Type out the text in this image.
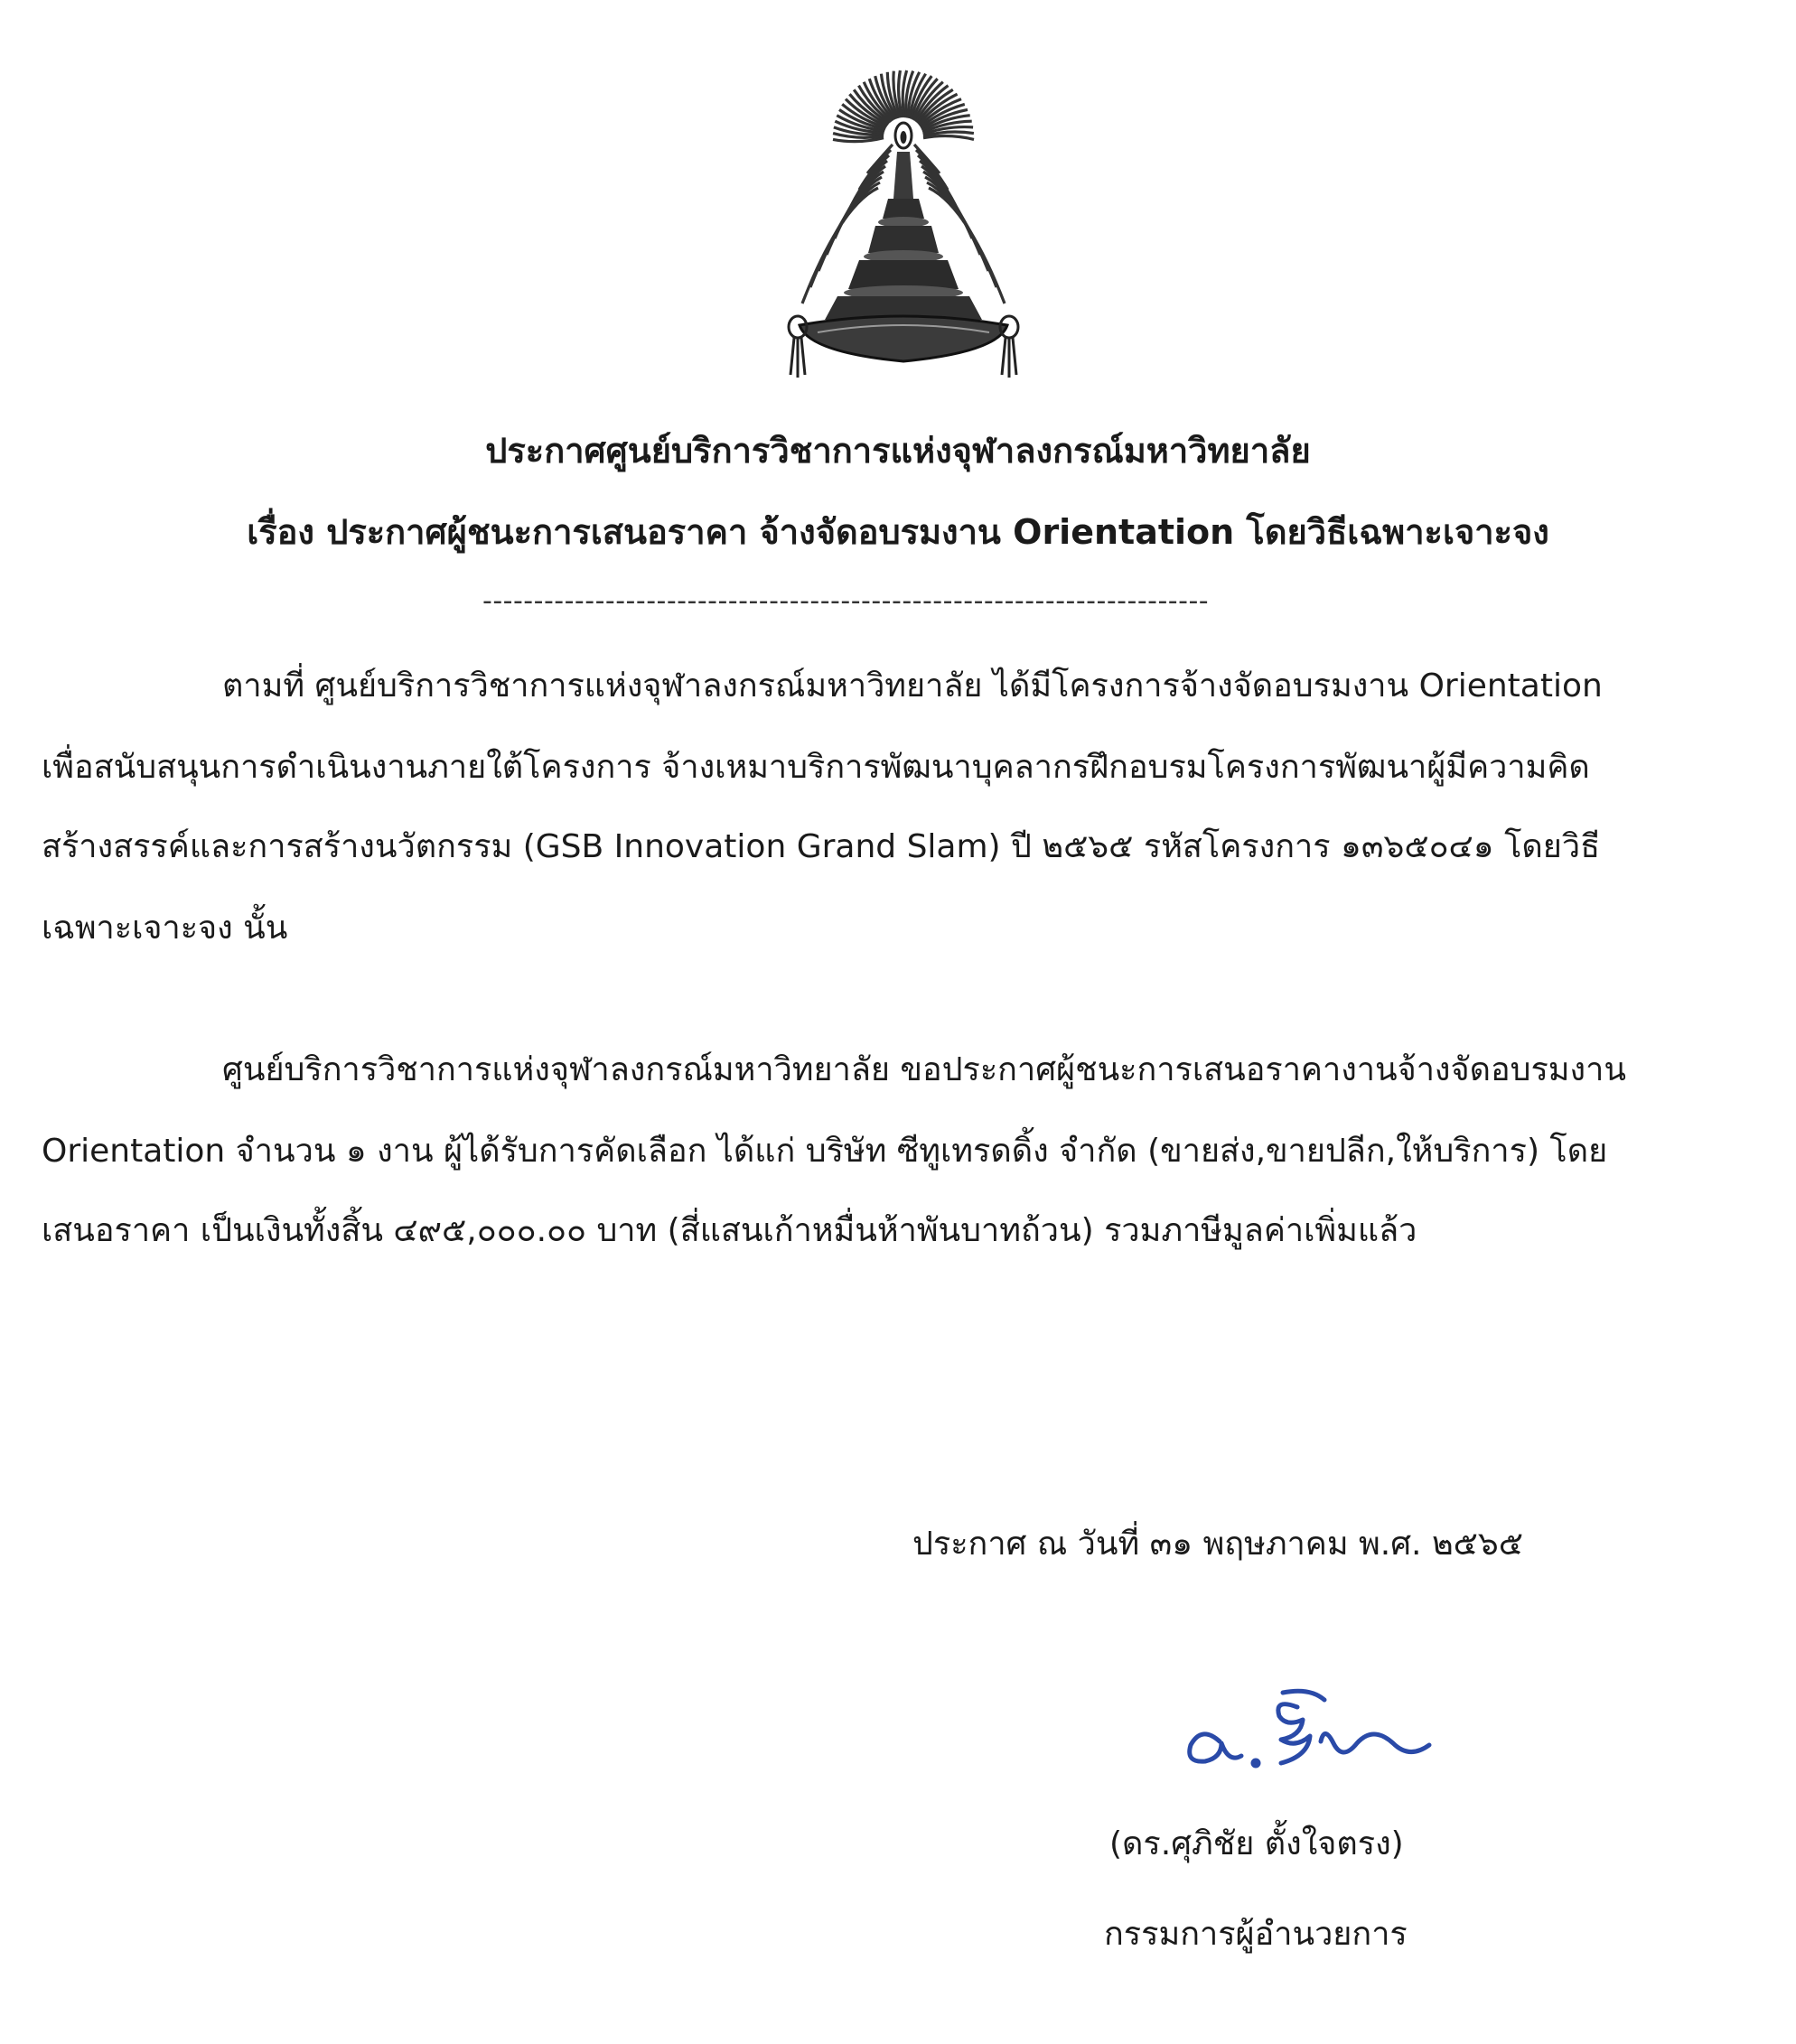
ประกาศศูนย์บริการวิชาการแห่งจุฬาลงกรณ์มหาวิทยาลัย
เรื่อง ประกาศผู้ชนะการเสนอราคา จ้างจัดอบรมงาน Orientation โดยวิธีเฉพาะเจาะจง
-----------------------------------------------------------------------
ตามที่ ศูนย์บริการวิชาการแห่งจุฬาลงกรณ์มหาวิทยาลัย ได้มีโครงการจ้างจัดอบรมงาน Orientation
เพื่อสนับสนุนการดำเนินงานภายใต้โครงการ จ้างเหมาบริการพัฒนาบุคลากรฝึกอบรมโครงการพัฒนาผู้มีความคิด
สร้างสรรค์และการสร้างนวัตกรรม (GSB Innovation Grand Slam) ปี ๒๕๖๕ รหัสโครงการ ๑๓๖๕๐๔๑ โดยวิธี
เฉพาะเจาะจง นั้น
ศูนย์บริการวิชาการแห่งจุฬาลงกรณ์มหาวิทยาลัย ขอประกาศผู้ชนะการเสนอราคางานจ้างจัดอบรมงาน
Orientation จำนวน ๑ งาน ผู้ได้รับการคัดเลือก ได้แก่ บริษัท ซีทูเทรดดิ้ง จำกัด (ขายส่ง,ขายปลีก,ให้บริการ) โดย
เสนอราคา เป็นเงินทั้งสิ้น ๔๙๕,๐๐๐.๐๐ บาท (สี่แสนเก้าหมื่นห้าพันบาทถ้วน) รวมภาษีมูลค่าเพิ่มแล้ว
ประกาศ ณ วันที่ ๓๑ พฤษภาคม พ.ศ. ๒๕๖๕
(ดร.ศุภิชัย ตั้งใจตรง)
กรรมการผู้อำนวยการ
